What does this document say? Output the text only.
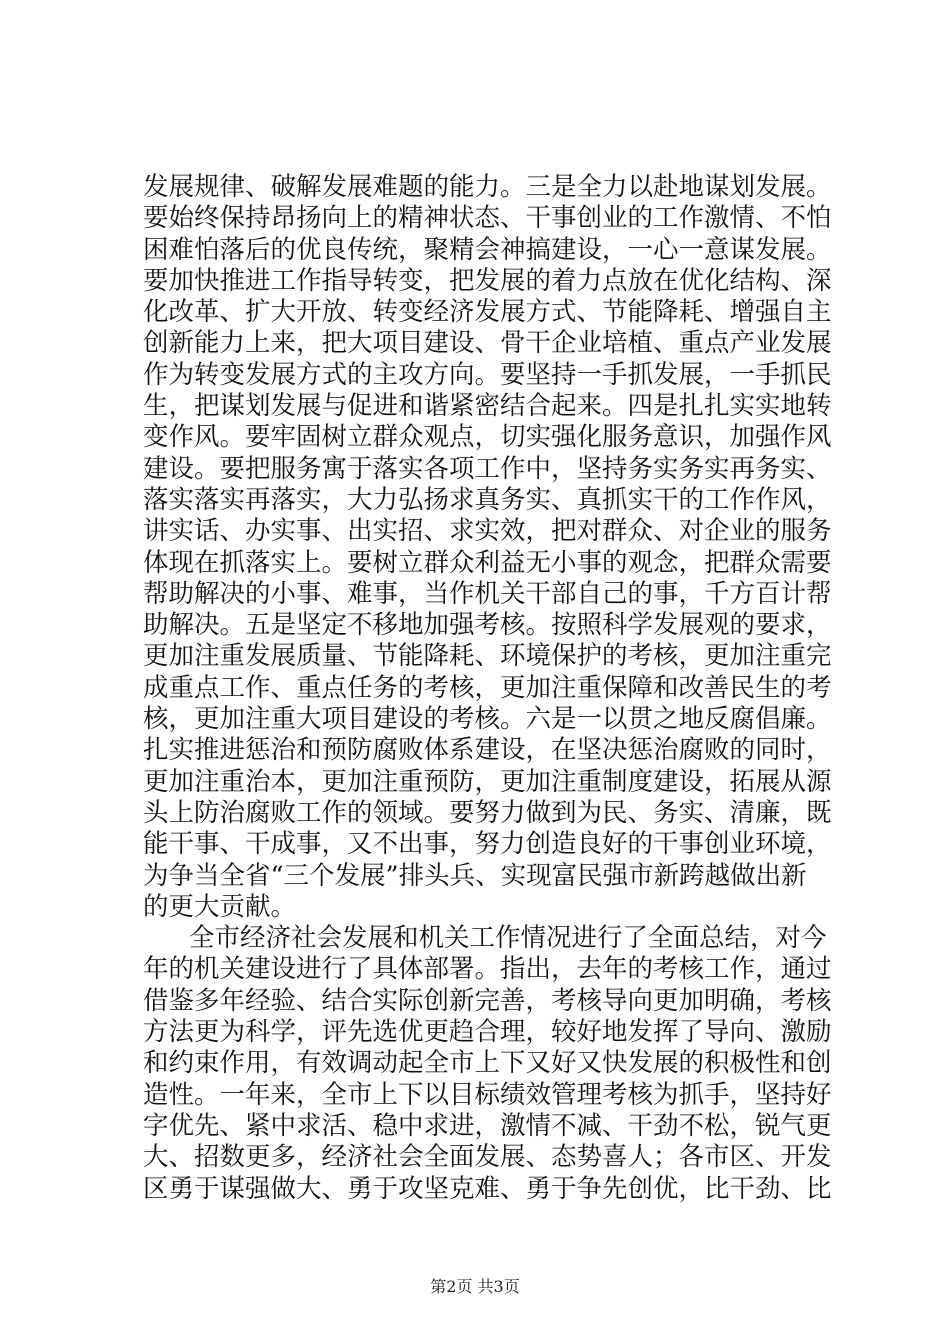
发展规律、破解发展难题的能力。三是全力以赴地谋划发展。
要始终保持昂扬向上的精神状态、干事创业的工作激情、不怕
困难怕落后的优良传统，聚精会神搞建设，一心一意谋发展。
要加快推进工作指导转变，把发展的着力点放在优化结构、深
化改革、扩大开放、转变经济发展方式、节能降耗、增强自主
创新能力上来，把大项目建设、骨干企业培植、重点产业发展
作为转变发展方式的主攻方向。要坚持一手抓发展，一手抓民
生，把谋划发展与促进和谐紧密结合起来。四是扎扎实实地转
变作风。要牢固树立群众观点，切实强化服务意识，加强作风
建设。要把服务寓于落实各项工作中，坚持务实务实再务实、
落实落实再落实，大力弘扬求真务实、真抓实干的工作作风，
讲实话、办实事、出实招、求实效，把对群众、对企业的服务
体现在抓落实上。要树立群众利益无小事的观念，把群众需要
帮助解决的小事、难事，当作机关干部自己的事，千方百计帮
助解决。五是坚定不移地加强考核。按照科学发展观的要求，
更加注重发展质量、节能降耗、环境保护的考核，更加注重完
成重点工作、重点任务的考核，更加注重保障和改善民生的考
核，更加注重大项目建设的考核。六是一以贯之地反腐倡廉。
扎实推进惩治和预防腐败体系建设，在坚决惩治腐败的同时，
更加注重治本，更加注重预防，更加注重制度建设，拓展从源
头上防治腐败工作的领域。要努力做到为民、务实、清廉，既
能干事、干成事，又不出事，努力创造良好的干事创业环境，
为争当全省“三个发展”排头兵、实现富民强市新跨越做出新
的更大贡献。
全市经济社会发展和机关工作情况进行了全面总结，对今
年的机关建设进行了具体部署。指出，去年的考核工作，通过
借鉴多年经验、结合实际创新完善，考核导向更加明确，考核
方法更为科学，评先选优更趋合理，较好地发挥了导向、激励
和约束作用，有效调动起全市上下又好又快发展的积极性和创
造性。一年来，全市上下以目标绩效管理考核为抓手，坚持好
字优先、紧中求活、稳中求进，激情不减、干劲不松，锐气更
大、招数更多，经济社会全面发展、态势喜人；各市区、开发
区勇于谋强做大、勇于攻坚克难、勇于争先创优，比干劲、比
第2页 共3页
